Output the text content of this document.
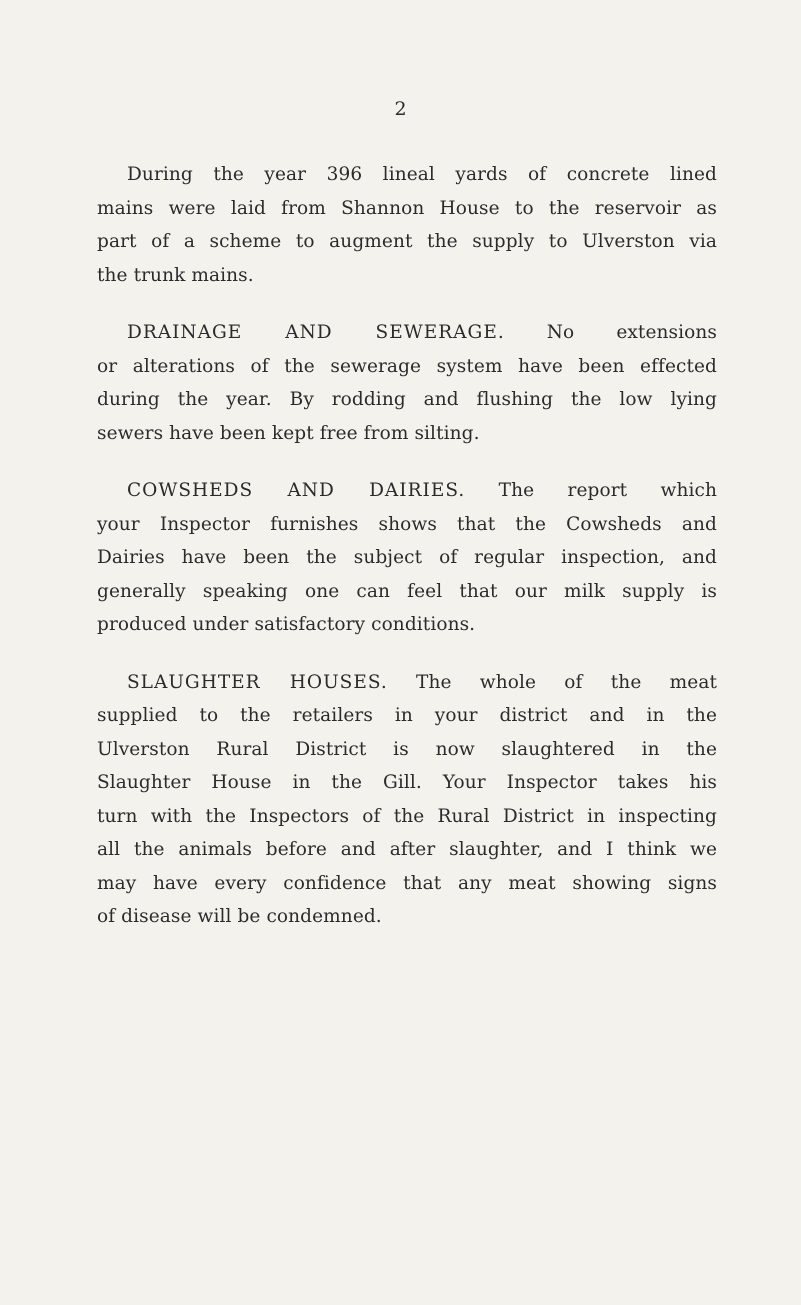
2
During the year 396 lineal yards of concrete lined
mains were laid from Shannon House to the reservoir as
part of a scheme to augment the supply to Ulverston via
the trunk mains.
DRAINAGE AND SEWERAGE. No extensions
or alterations of the sewerage system have been effected
during the year. By rodding and flushing the low lying
sewers have been kept free from silting.
COWSHEDS AND DAIRIES. The report which
your Inspector furnishes shows that the Cowsheds and
Dairies have been the subject of regular inspection, and
generally speaking one can feel that our milk supply is
produced under satisfactory conditions.
SLAUGHTER HOUSES. The whole of the meat
supplied to the retailers in your district and in the
Ulverston Rural District is now slaughtered in the
Slaughter House in the Gill. Your Inspector takes his
turn with the Inspectors of the Rural District in inspecting
all the animals before and after slaughter, and I think we
may have every confidence that any meat showing signs
of disease will be condemned.
